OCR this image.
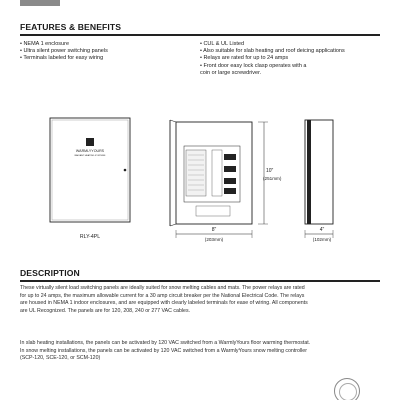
FEATURES & BENEFITS
• NEMA 1 enclosure
• Ultra silent power switching panels
• Terminals labeled for easy wiring
• CUL & UL Listed
• Also suitable for slab heating and roof deicing applications
• Relays are rated for up to 24 amps
• Front door easy lock clasp operates with a
coin or large screwdriver.
WARMLYYOURS
RADIANT HEATING SYSTEMS
RLY-4PL
10"
(251mm)
8"
(203mm)
4"
(102mm)
DESCRIPTION
These virtually silent load switching panels are ideally suited for snow melting cables and mats. The power relays are rated
for up to 24 amps, the maximum allowable current for a 30 amp circuit breaker per the National Electrical Code. The relays
are housed in NEMA 1 indoor enclosures, and are equipped with clearly labeled terminals for ease of wiring. All components
are UL Recognized. The panels are for 120, 208, 240 or 277 VAC cables.
In slab heating installations, the panels can be activated by 120 VAC switched from a WarmlyYours floor warming thermostat.
In snow melting installations, the panels can be activated by 120 VAC switched from a WarmlyYours snow melting controller
(SCP-120, SCE-120, or SCM-120)
